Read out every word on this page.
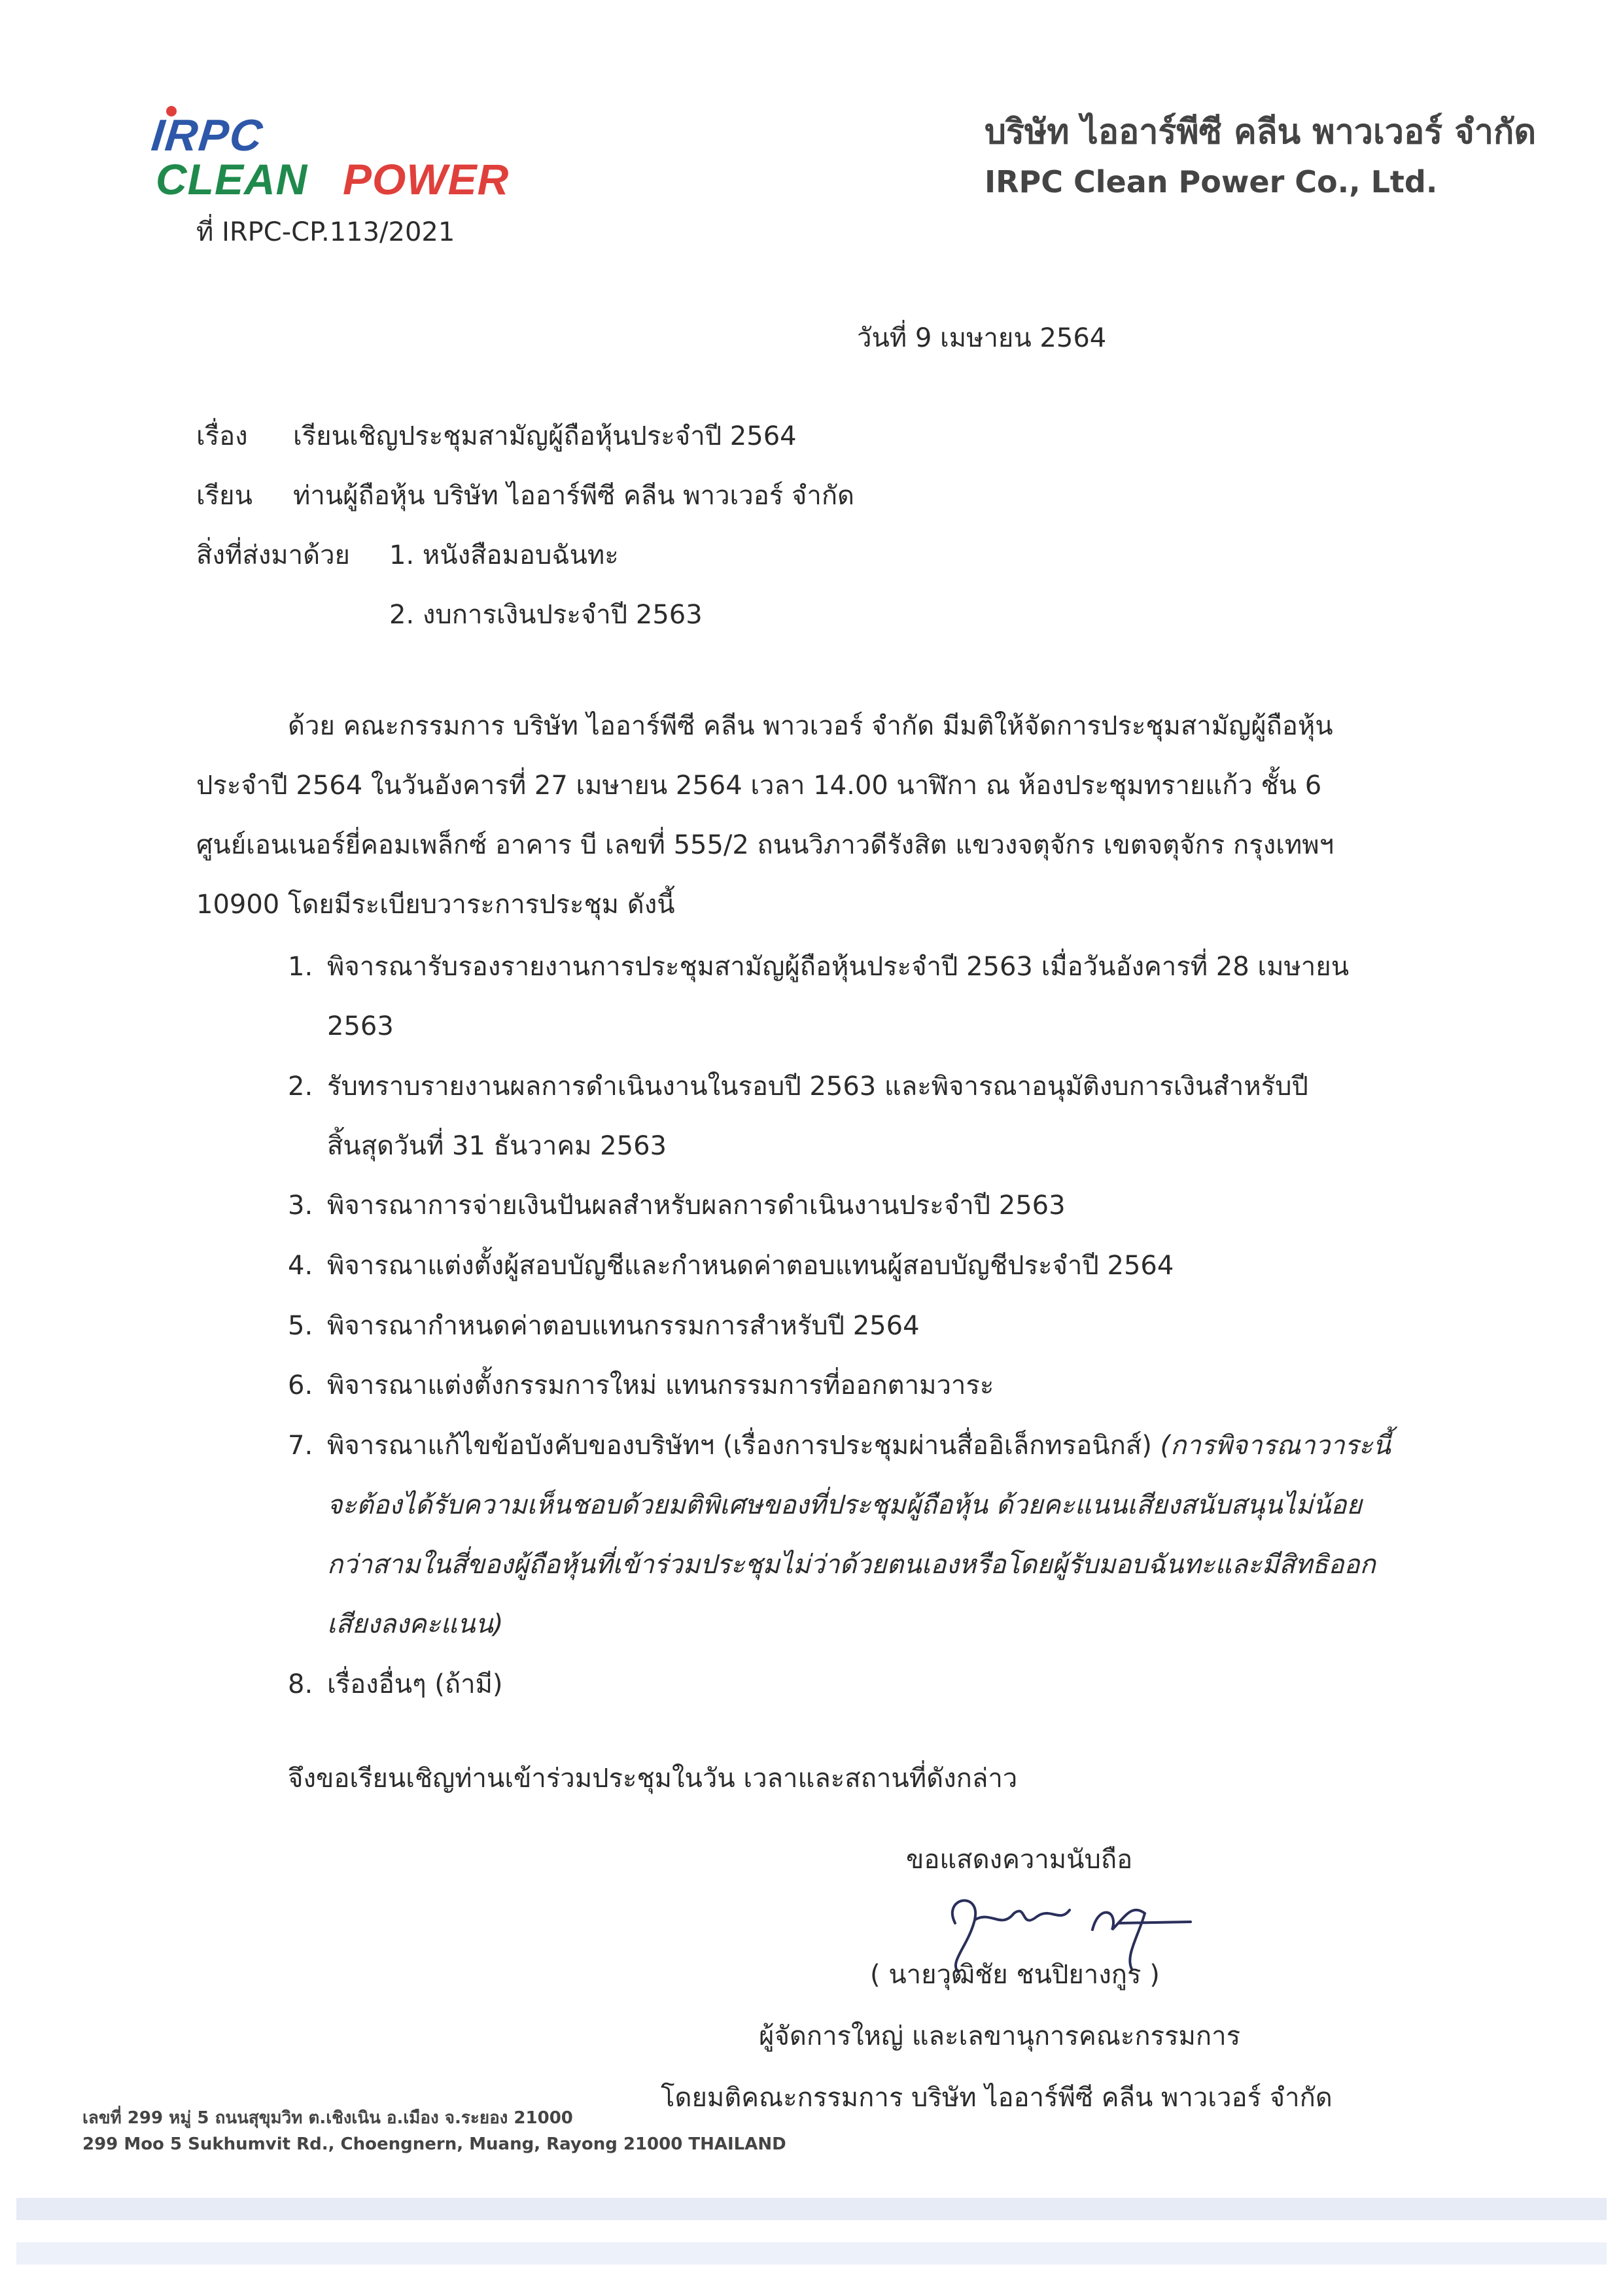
IRPC
CLEAN POWER
บริษัท ไออาร์พีซี คลีน พาวเวอร์ จำกัด
IRPC Clean Power Co., Ltd.
ที่ IRPC-CP.113/2021
วันที่ 9 เมษายน 2564
เรื่อง เรียนเชิญประชุมสามัญผู้ถือหุ้นประจำปี 2564
เรียน ท่านผู้ถือหุ้น บริษัท ไออาร์พีซี คลีน พาวเวอร์ จำกัด
สิ่งที่ส่งมาด้วย 1. หนังสือมอบฉันทะ
2. งบการเงินประจำปี 2563
ด้วย คณะกรรมการ บริษัท ไออาร์พีซี คลีน พาวเวอร์ จำกัด มีมติให้จัดการประชุมสามัญผู้ถือหุ้น
ประจำปี 2564 ในวันอังคารที่ 27 เมษายน 2564 เวลา 14.00 นาฬิกา ณ ห้องประชุมทรายแก้ว ชั้น 6
ศูนย์เอนเนอร์ยี่คอมเพล็กซ์ อาคาร บี เลขที่ 555/2 ถนนวิภาวดีรังสิต แขวงจตุจักร เขตจตุจักร กรุงเทพฯ
10900 โดยมีระเบียบวาระการประชุม ดังนี้
1. พิจารณารับรองรายงานการประชุมสามัญผู้ถือหุ้นประจำปี 2563 เมื่อวันอังคารที่ 28 เมษายน
2563
2. รับทราบรายงานผลการดำเนินงานในรอบปี 2563 และพิจารณาอนุมัติงบการเงินสำหรับปี
สิ้นสุดวันที่ 31 ธันวาคม 2563
3. พิจารณาการจ่ายเงินปันผลสำหรับผลการดำเนินงานประจำปี 2563
4. พิจารณาแต่งตั้งผู้สอบบัญชีและกำหนดค่าตอบแทนผู้สอบบัญชีประจำปี 2564
5. พิจารณากำหนดค่าตอบแทนกรรมการสำหรับปี 2564
6. พิจารณาแต่งตั้งกรรมการใหม่ แทนกรรมการที่ออกตามวาระ
7. พิจารณาแก้ไขข้อบังคับของบริษัทฯ (เรื่องการประชุมผ่านสื่ออิเล็กทรอนิกส์) (การพิจารณาวาระนี้
จะต้องได้รับความเห็นชอบด้วยมติพิเศษของที่ประชุมผู้ถือหุ้น ด้วยคะแนนเสียงสนับสนุนไม่น้อย
กว่าสามในสี่ของผู้ถือหุ้นที่เข้าร่วมประชุมไม่ว่าด้วยตนเองหรือโดยผู้รับมอบฉันทะและมีสิทธิออก
เสียงลงคะแนน)
8. เรื่องอื่นๆ (ถ้ามี)
จึงขอเรียนเชิญท่านเข้าร่วมประชุมในวัน เวลาและสถานที่ดังกล่าว
ขอแสดงความนับถือ
( นายวุฒิชัย ชนปิยางกูร )
ผู้จัดการใหญ่ และเลขานุการคณะกรรมการ
โดยมติคณะกรรมการ บริษัท ไออาร์พีซี คลีน พาวเวอร์ จำกัด
เลขที่ 299 หมู่ 5 ถนนสุขุมวิท ต.เชิงเนิน อ.เมือง จ.ระยอง 21000
299 Moo 5 Sukhumvit Rd., Choengnern, Muang, Rayong 21000 THAILAND
